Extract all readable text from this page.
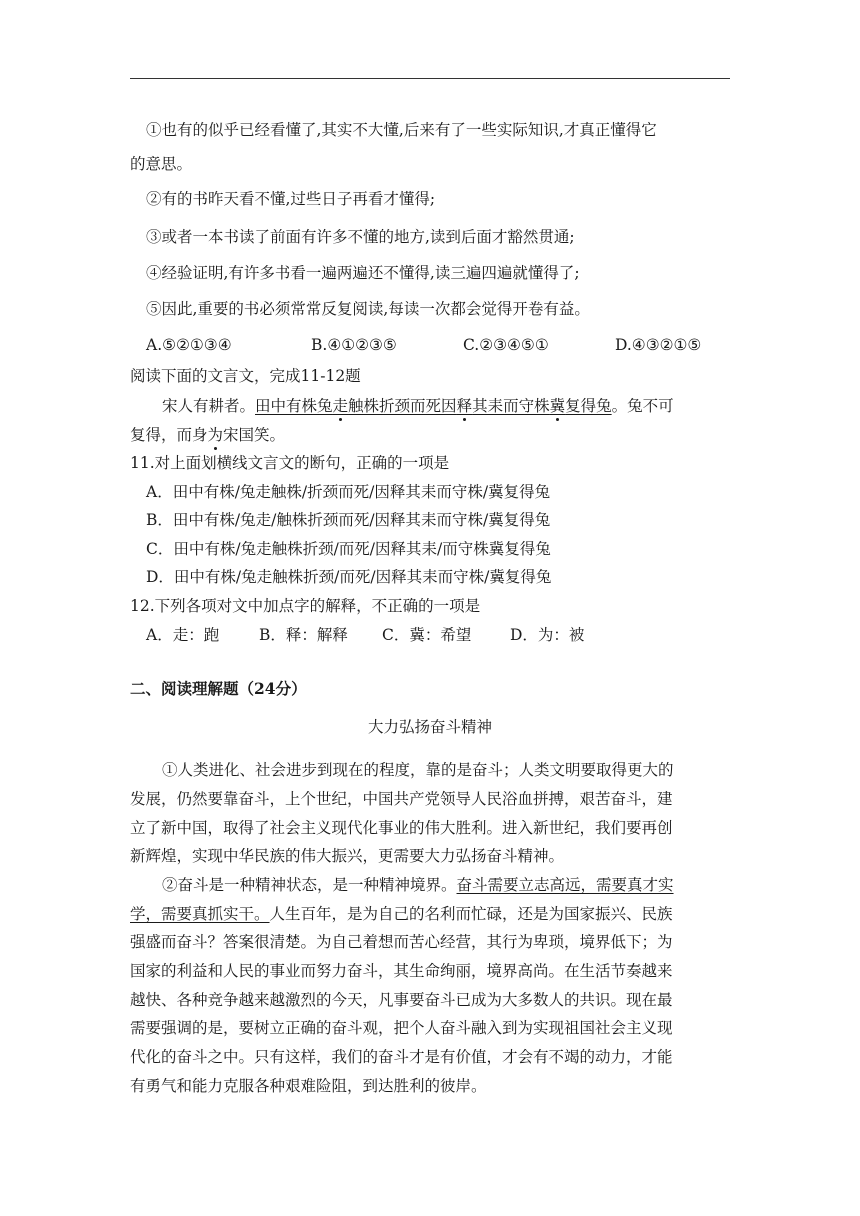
①也有的似乎已经看懂了,其实不大懂,后来有了一些实际知识,才真正懂得它
的意思。
②有的书昨天看不懂,过些日子再看才懂得;
③或者一本书读了前面有许多不懂的地方,读到后面才豁然贯通;
④经验证明,有许多书看一遍两遍还不懂得,读三遍四遍就懂得了;
⑤因此,重要的书必须常常反复阅读,每读一次都会觉得开卷有益。
A.⑤②①③④	B.④①②③⑤	C.②③④⑤①	D.④③②①⑤
阅读下面的文言文，完成11-12题
宋人有耕者。田中有株兔走触株折颈而死因释其耒而守株冀复得兔。兔不可
复得，而身为宋国笑。
11.对上面划横线文言文的断句，正确的一项是
A．田中有株/兔走触株/折颈而死/因释其耒而守株/冀复得兔
B．田中有株/兔走/触株折颈而死/因释其耒而守株/冀复得兔
C．田中有株/兔走触株折颈/而死/因释其耒/而守株冀复得兔
D．田中有株/兔走触株折颈/而死/因释其耒而守株/冀复得兔
12.下列各项对文中加点字的解释，不正确的一项是
A．走：跑	B．释：解释 C．冀：希望 D．为：被
二、阅读理解题（24分）
大力弘扬奋斗精神
①人类进化、社会进步到现在的程度，靠的是奋斗；人类文明要取得更大的
发展，仍然要靠奋斗，上个世纪，中国共产党领导人民浴血拼搏，艰苦奋斗，建
立了新中国，取得了社会主义现代化事业的伟大胜利。进入新世纪，我们要再创
新辉煌，实现中华民族的伟大振兴，更需要大力弘扬奋斗精神。
②奋斗是一种精神状态，是一种精神境界。奋斗需要立志高远，需要真才实
学，需要真抓实干。人生百年，是为自己的名利而忙碌，还是为国家振兴、民族
强盛而奋斗？答案很清楚。为自己着想而苦心经营，其行为卑琐，境界低下；为
国家的利益和人民的事业而努力奋斗，其生命绚丽，境界高尚。在生活节奏越来
越快、各种竞争越来越激烈的今天，凡事要奋斗已成为大多数人的共识。现在最
需要强调的是，要树立正确的奋斗观，把个人奋斗融入到为实现祖国社会主义现
代化的奋斗之中。只有这样，我们的奋斗才是有价值，才会有不竭的动力，才能
有勇气和能力克服各种艰难险阻，到达胜利的彼岸。
